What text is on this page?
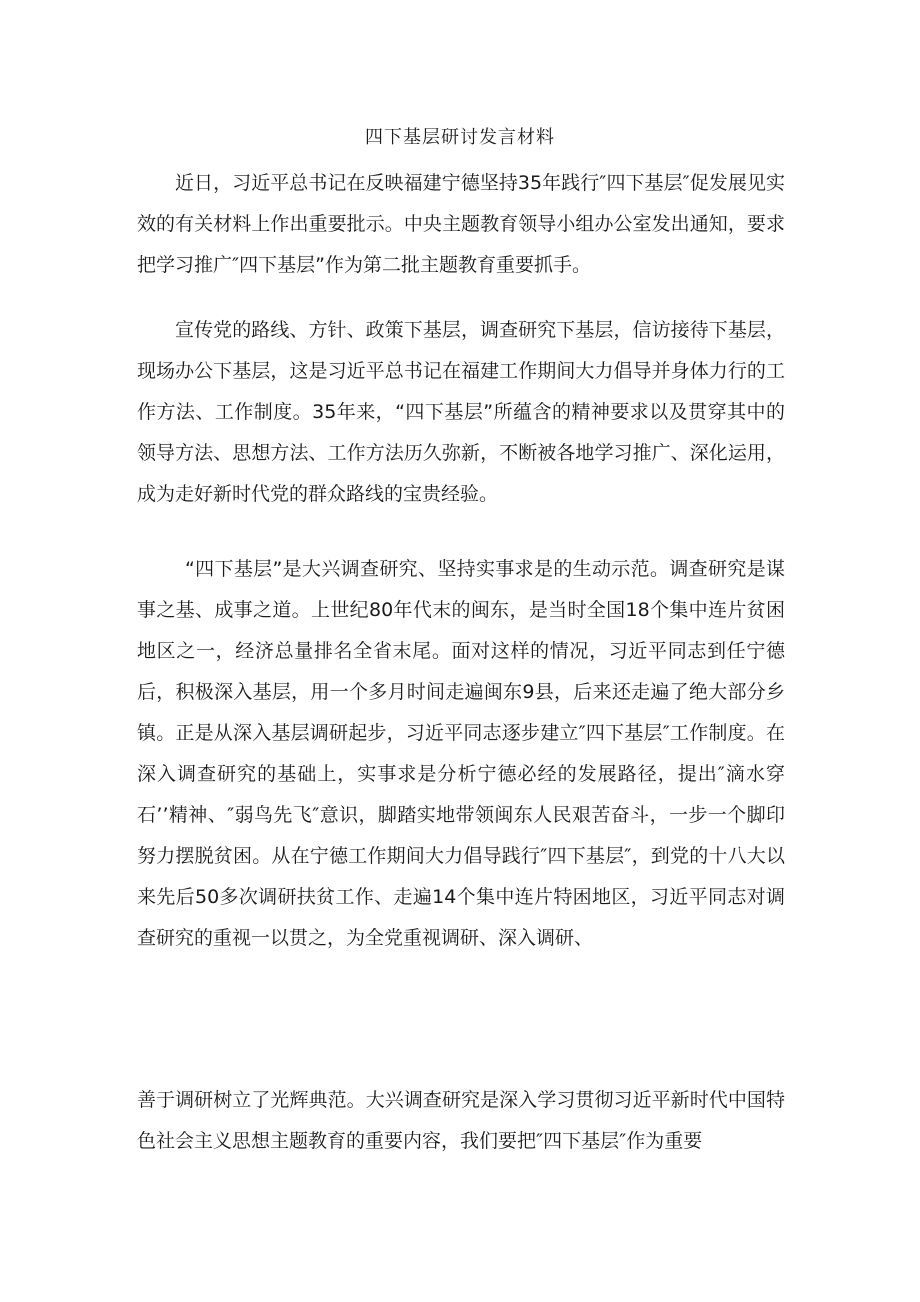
四下基层研讨发言材料

近日，习近平总书记在反映福建宁德坚持35年践行″四下基层″促发展见实效的有关材料上作出重要批示。中央主题教育领导小组办公室发出通知，要求把学习推广″四下基层”作为第二批主题教育重要抓手。

宣传党的路线、方针、政策下基层，调查研究下基层，信访接待下基层，现场办公下基层，这是习近平总书记在福建工作期间大力倡导并身体力行的工作方法、工作制度。35年来，“四下基层”所蕴含的精神要求以及贯穿其中的领导方法、思想方法、工作方法历久弥新，不断被各地学习推广、深化运用，成为走好新时代党的群众路线的宝贵经验。

“四下基层”是大兴调查研究、坚持实事求是的生动示范。调查研究是谋事之基、成事之道。上世纪80年代末的闽东，是当时全国18个集中连片贫困地区之一，经济总量排名全省末尾。面对这样的情况，习近平同志到任宁德后，积极深入基层，用一个多月时间走遍闽东9县，后来还走遍了绝大部分乡镇。正是从深入基层调研起步，习近平同志逐步建立″四下基层″工作制度。在深入调查研究的基础上，实事求是分析宁德必经的发展路径，提出″滴水穿石’’精神、″弱鸟先飞″意识，脚踏实地带领闽东人民艰苦奋斗，一步一个脚印努力摆脱贫困。从在宁德工作期间大力倡导践行″四下基层″，到党的十八大以来先后50多次调研扶贫工作、走遍14个集中连片特困地区，习近平同志对调查研究的重视一以贯之，为全党重视调研、深入调研、

善于调研树立了光辉典范。大兴调查研究是深入学习贯彻习近平新时代中国特色社会主义思想主题教育的重要内容，我们要把″四下基层″作为重要
